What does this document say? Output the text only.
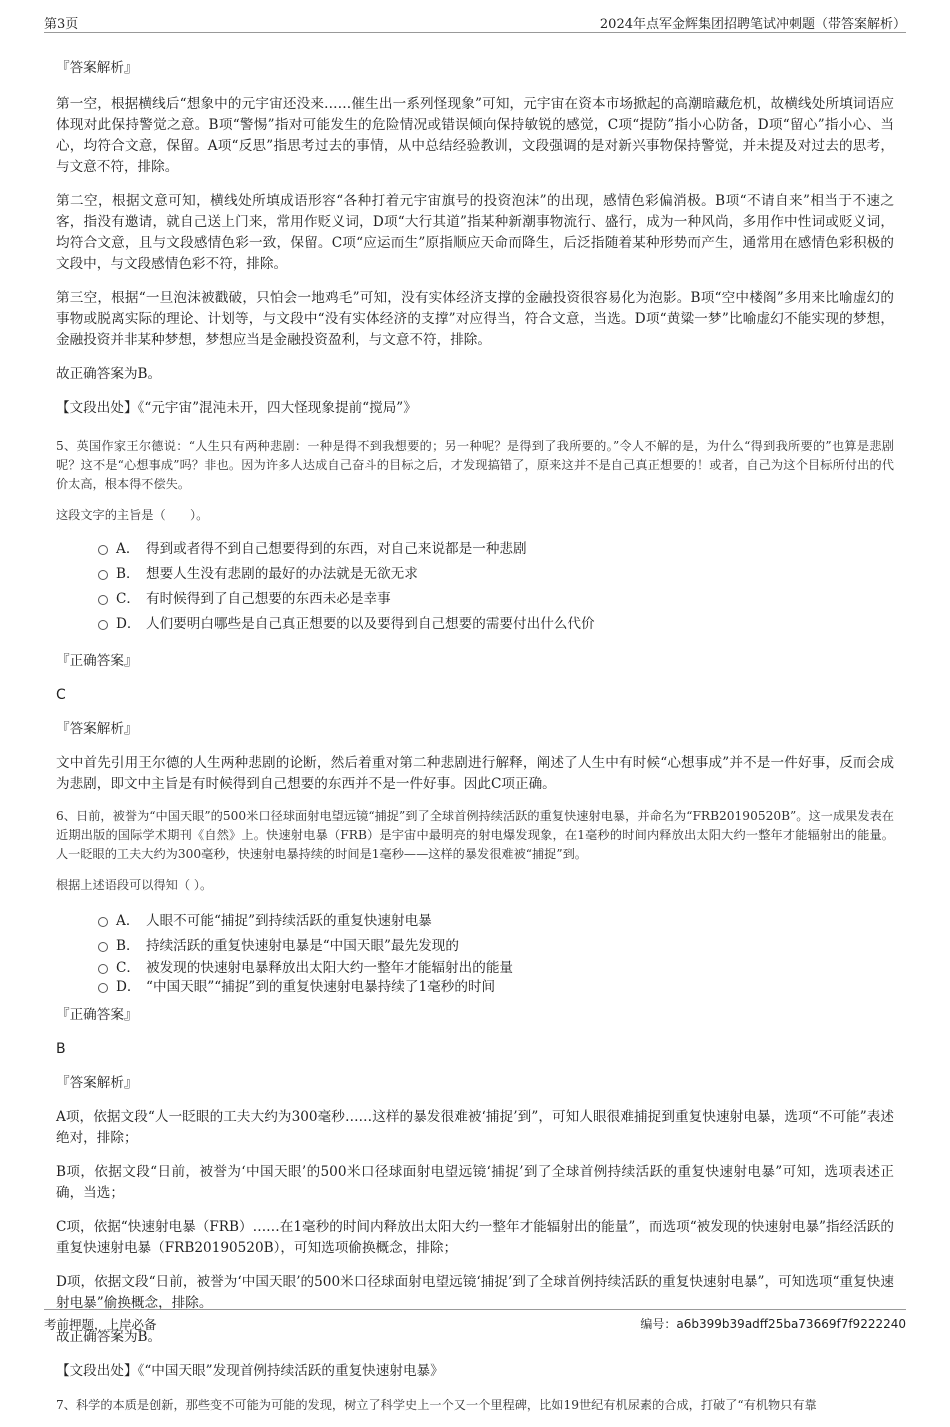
第3页	2024年点军金辉集团招聘笔试冲刺题（带答案解析）

『答案解析』

第一空，根据横线后“想象中的元宇宙还没来……催生出一系列怪现象”可知，元宇宙在资本市场掀起的高潮暗藏危机，故横线处所填词语应体现对此保持警觉之意。B项“警惕”指对可能发生的危险情况或错误倾向保持敏锐的感觉，C项“提防”指小心防备，D项“留心”指小心、当心，均符合文意，保留。A项“反思”指思考过去的事情，从中总结经验教训，文段强调的是对新兴事物保持警觉，并未提及对过去的思考，与文意不符，排除。

第二空，根据文意可知，横线处所填成语形容“各种打着元宇宙旗号的投资泡沫”的出现，感情色彩偏消极。B项“不请自来”相当于不速之客，指没有邀请，就自己送上门来，常用作贬义词，D项“大行其道”指某种新潮事物流行、盛行，成为一种风尚，多用作中性词或贬义词，均符合文意，且与文段感情色彩一致，保留。C项“应运而生”原指顺应天命而降生，后泛指随着某种形势而产生，通常用在感情色彩积极的文段中，与文段感情色彩不符，排除。

第三空，根据“一旦泡沫被戳破，只怕会一地鸡毛”可知，没有实体经济支撑的金融投资很容易化为泡影。B项“空中楼阁”多用来比喻虚幻的事物或脱离实际的理论、计划等，与文段中“没有实体经济的支撑”对应得当，符合文意，当选。D项“黄粱一梦”比喻虚幻不能实现的梦想，金融投资并非某种梦想，梦想应当是金融投资盈利，与文意不符，排除。

故正确答案为B。

【文段出处】《“元宇宙”混沌未开，四大怪现象提前“搅局”》

5、英国作家王尔德说：“人生只有两种悲剧：一种是得不到我想要的；另一种呢？是得到了我所要的。”令人不解的是，为什么“得到我所要的”也算是悲剧呢？这不是“心想事成”吗？非也。因为许多人达成自己奋斗的目标之后，才发现搞错了，原来这并不是自己真正想要的！或者，自己为这个目标所付出的代价太高，根本得不偿失。

这段文字的主旨是（　　）。

A． 得到或者得不到自己想要得到的东西，对自己来说都是一种悲剧
B． 想要人生没有悲剧的最好的办法就是无欲无求
C． 有时候得到了自己想要的东西未必是幸事
D． 人们要明白哪些是自己真正想要的以及要得到自己想要的需要付出什么代价

『正确答案』

C

『答案解析』

文中首先引用王尔德的人生两种悲剧的论断，然后着重对第二种悲剧进行解释，阐述了人生中有时候“心想事成”并不是一件好事，反而会成为悲剧，即文中主旨是有时候得到自己想要的东西并不是一件好事。因此C项正确。

6、日前，被誉为“中国天眼”的500米口径球面射电望远镜“捕捉”到了全球首例持续活跃的重复快速射电暴，并命名为“FRB20190520B”。这一成果发表在近期出版的国际学术期刊《自然》上。快速射电暴（FRB）是宇宙中最明亮的射电爆发现象，在1毫秒的时间内释放出太阳大约一整年才能辐射出的能量。人一眨眼的工夫大约为300毫秒，快速射电暴持续的时间是1毫秒——这样的暴发很难被“捕捉”到。

根据上述语段可以得知（ ）。

A． 人眼不可能“捕捉”到持续活跃的重复快速射电暴
B． 持续活跃的重复快速射电暴是“中国天眼”最先发现的
C． 被发现的快速射电暴释放出太阳大约一整年才能辐射出的能量
D． “中国天眼”“捕捉”到的重复快速射电暴持续了1毫秒的时间

『正确答案』

B

『答案解析』

A项，依据文段“人一眨眼的工夫大约为300毫秒……这样的暴发很难被‘捕捉’到”，可知人眼很难捕捉到重复快速射电暴，选项“不可能”表述绝对，排除；

B项，依据文段“日前，被誉为‘中国天眼’的500米口径球面射电望远镜‘捕捉’到了全球首例持续活跃的重复快速射电暴”可知，选项表述正确，当选；

C项，依据“快速射电暴（FRB）……在1毫秒的时间内释放出太阳大约一整年才能辐射出的能量”，而选项“被发现的快速射电暴”指经活跃的重复快速射电暴（FRB20190520B），可知选项偷换概念，排除；

D项，依据文段“日前，被誉为‘中国天眼’的500米口径球面射电望远镜‘捕捉’到了全球首例持续活跃的重复快速射电暴”，可知选项“重复快速射电暴”偷换概念，排除。

故正确答案为B。

【文段出处】《“中国天眼”发现首例持续活跃的重复快速射电暴》

7、科学的本质是创新，那些变不可能为可能的发现，树立了科学史上一个又一个里程碑，比如19世纪有机尿素的合成，打破了“有机物只有靠

考前押题，上岸必备	编号：a6b399b39adff25ba73669f7f9222240
